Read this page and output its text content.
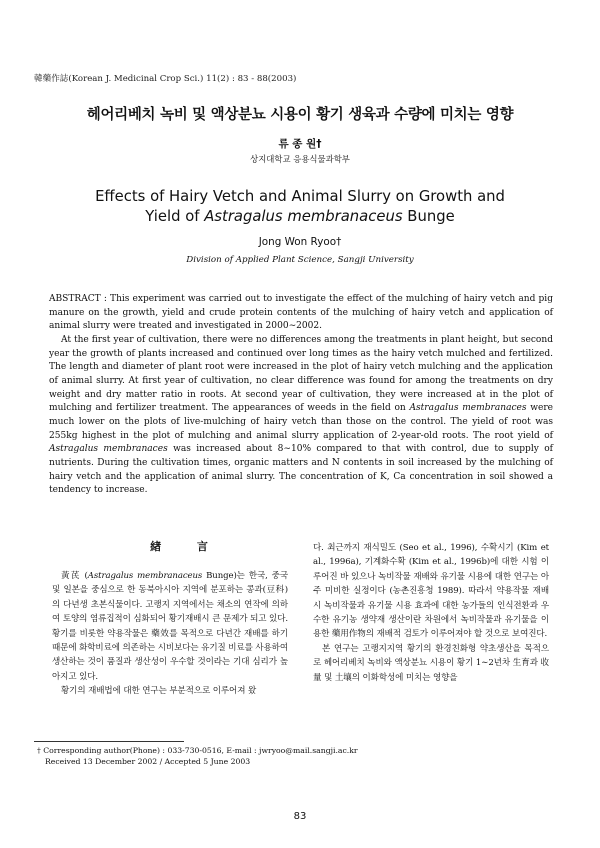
韓藥作誌(Korean J. Medicinal Crop Sci.) 11(2) : 83 - 88(2003)
헤어리베치 녹비 및 액상분뇨 시용이 황기 생육과 수량에 미치는 영향
류 종 원†
상지대학교 응용식물과학부
Effects of Hairy Vetch and Animal Slurry on Growth and
Yield of Astragalus membranaceus Bunge
Jong Won Ryoo†
Division of Applied Plant Science, Sangji University

ABSTRACT : This experiment was carried out to investigate the effect of the mulching of hairy vetch and pig manure on the growth, yield and crude protein contents of the mulching of hairy vetch and application of animal slurry were treated and investigated in 2000∼2002.

At the first year of cultivation, there were no differences among the treatments in plant height, but second year the growth of plants increased and continued over long times as the hairy vetch mulched and fertilized. The length and diameter of plant root were increased in the plot of hairy vetch mulching and the application of animal slurry. At first year of cultivation, no clear difference was found for among the treatments on dry weight and dry matter ratio in roots. At second year of cultivation, they were increased at in the plot of mulching and fertilizer treatment. The appearances of weeds in the field on Astragalus membranaces were much lower on the plots of live-mulching of hairy vetch than those on the control. The yield of root was 255kg highest in the plot of mulching and animal slurry application of 2-year-old roots. The root yield of Astragalus membranaces was increased about 8∼10% compared to that with control, due to supply of nutrients. During the cultivation times, organic matters and N contents in soil increased by the mulching of hairy vetch and the application of animal slurry. The concentration of K, Ca concentration in soil showed a tendency to increase.

緖 言

黃芪 (Astragalus membranaceus Bunge)는 한국, 중국 및 일본을 중심으로 한 동북아시아 지역에 분포하는 콩과(豆科)의 다년생 초본식물이다. 고랭지 지역에서는 채소의 연작에 의하여 토양의 염류집적이 심화되어 황기재배시 큰 문제가 되고 있다. 황기를 비롯한 약용작물은 藥效를 목적으로 다년간 재배를 하기 때문에 화학비료에 의존하는 시비보다는 유기질 비료를 사용하여 생산하는 것이 품질과 생산성이 우수할 것이라는 기대 심리가 높아지고 있다.

황기의 재배법에 대한 연구는 부분적으로 이루어져 왔

다. 최근까지 재식밀도 (Seo et al., 1996), 수확시기 (Kim et al., 1996a), 기계화수확 (Kim et al., 1996b)에 대한 시험 이루어진 바 있으나 녹비작물 재배와 유기물 시용에 대한 연구는 아주 미비한 실정이다 (농촌진흥청 1989). 따라서 약용작물 재배시 녹비작물과 유기물 시용 효과에 대한 농가들의 인식전환과 우수한 유기농 생약재 생산이란 차원에서 녹비작물과 유기물을 이용한 藥用作物의 재배적 검토가 이루어져야 할 것으로 보여진다.

본 연구는 고랭지지역 황기의 환경친화형 약초생산을 목적으로 헤어리베치 녹비와 액상분뇨 시용이 황기 1∼2년차 生育과 收量 및 土壤의 이화학성에 미치는 영향을

† Corresponding author(Phone) : 033-730-0516, E-mail : jwryoo@mail.sangji.ac.kr
Received 13 December 2002 / Accepted 5 June 2003
83
